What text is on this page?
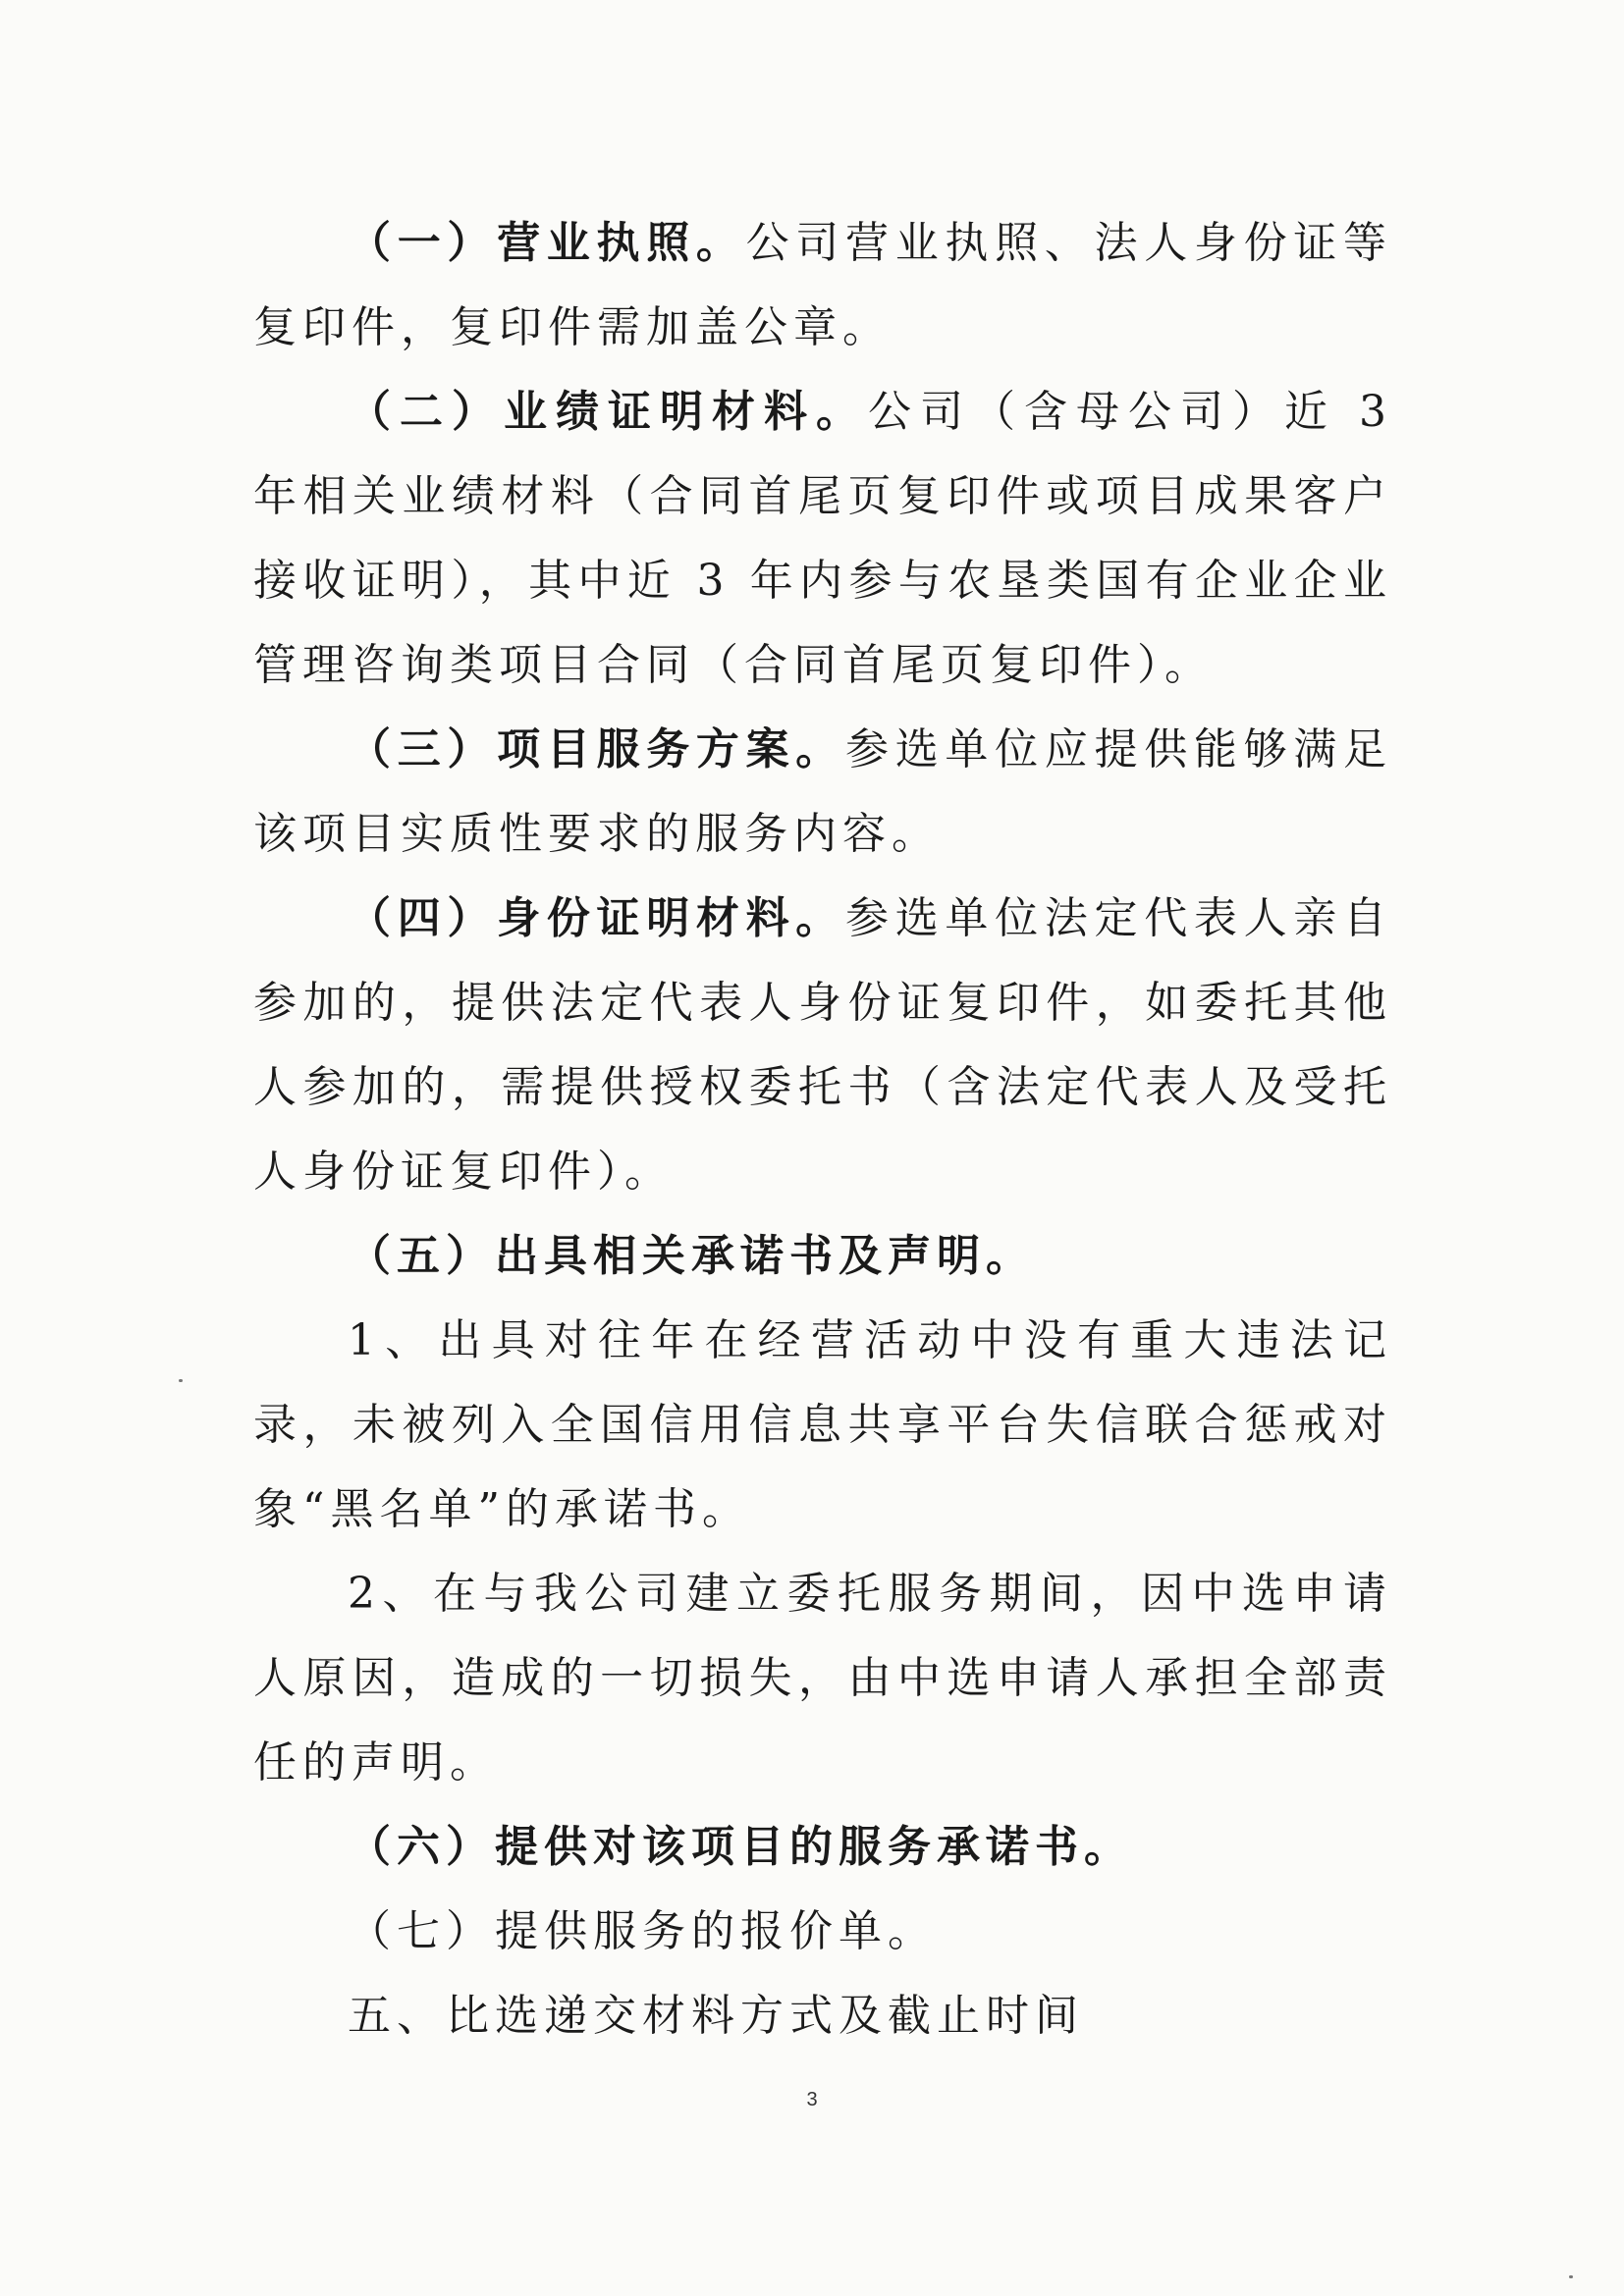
（一）营业执照。公司营业执照、法人身份证等复印件，复印件需加盖公章。

（二）业绩证明材料。公司（含母公司）近 3 年相关业绩材料（合同首尾页复印件或项目成果客户接收证明），其中近 3 年内参与农垦类国有企业企业管理咨询类项目合同（合同首尾页复印件）。

（三）项目服务方案。参选单位应提供能够满足该项目实质性要求的服务内容。

（四）身份证明材料。参选单位法定代表人亲自参加的，提供法定代表人身份证复印件，如委托其他人参加的，需提供授权委托书（含法定代表人及受托人身份证复印件）。

（五）出具相关承诺书及声明。

1、出具对往年在经营活动中没有重大违法记录，未被列入全国信用信息共享平台失信联合惩戒对象“黑名单”的承诺书。

2、在与我公司建立委托服务期间，因中选申请人原因，造成的一切损失，由中选申请人承担全部责任的声明。

（六）提供对该项目的服务承诺书。

（七）提供服务的报价单。

五、比选递交材料方式及截止时间

3
